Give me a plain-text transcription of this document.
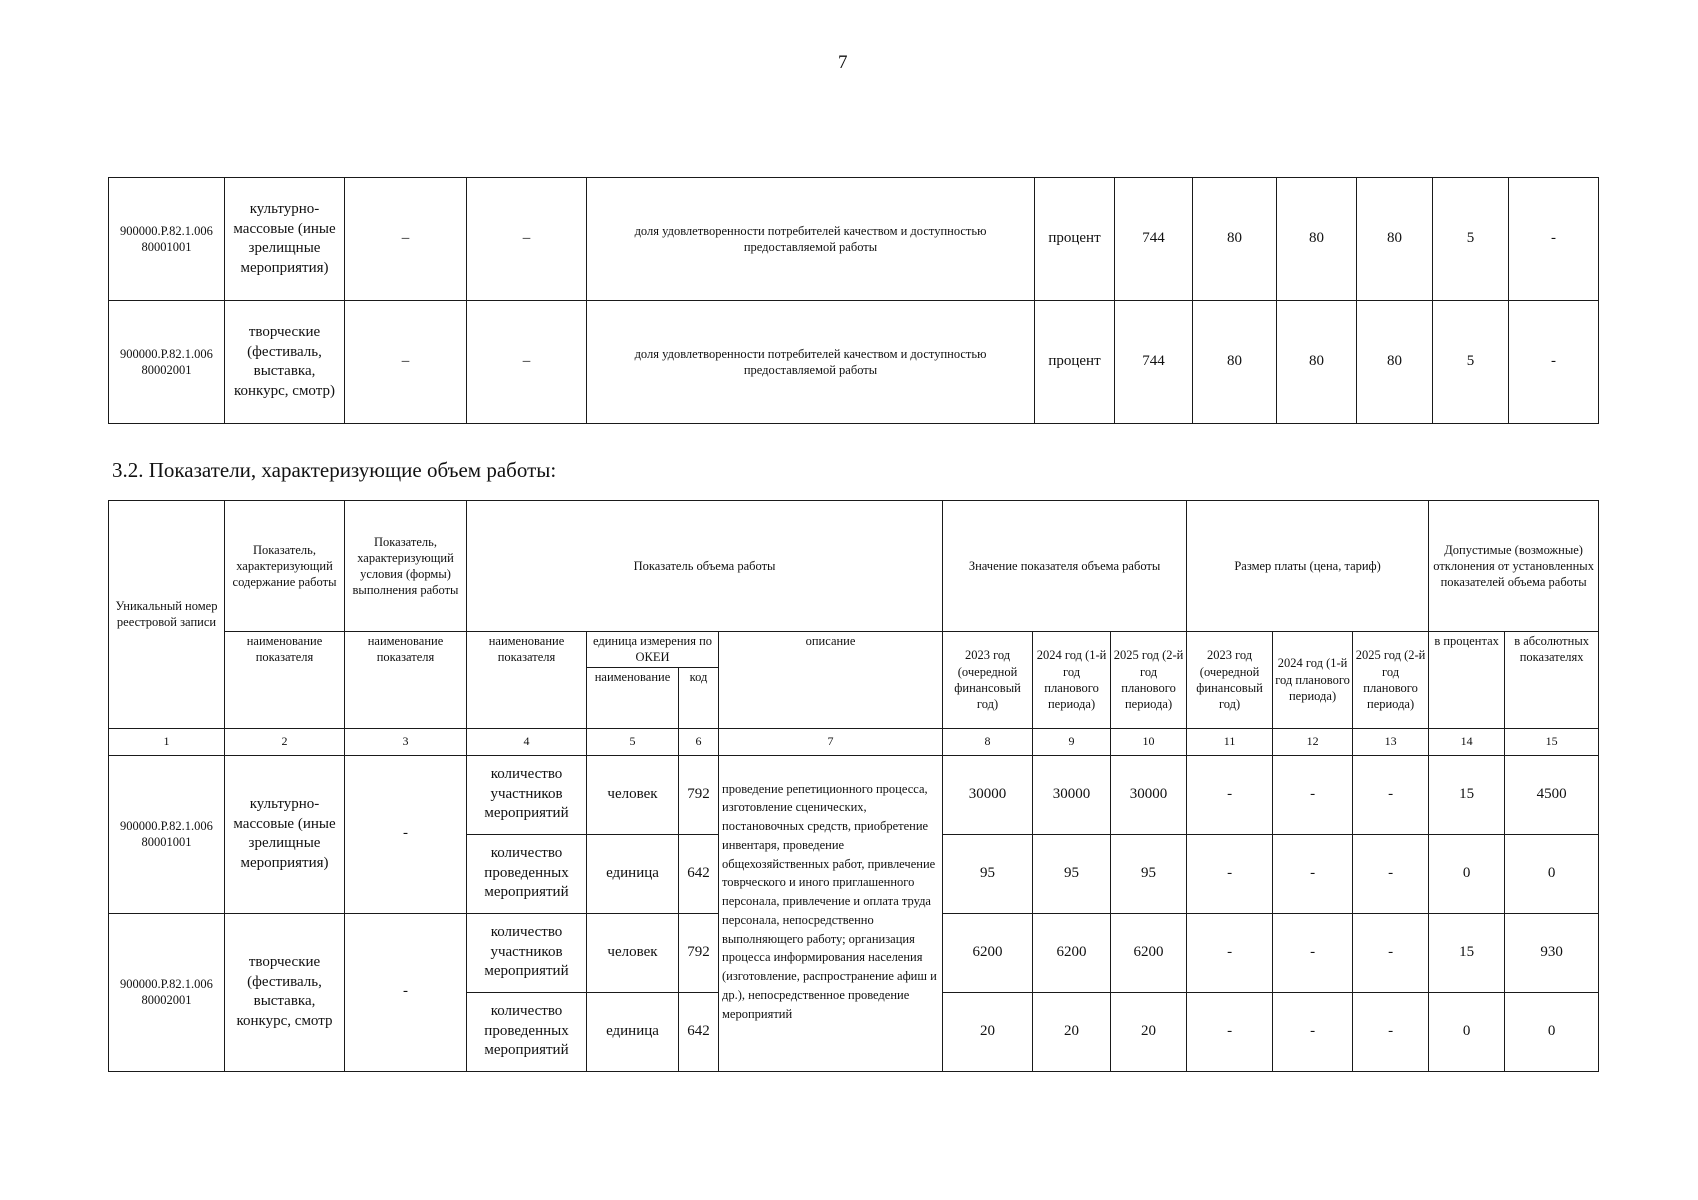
7
900000.Р.82.1.006 80001001	культурно-массовые (иные зрелищные мероприятия)	–	–	доля удовлетворенности потребителей качеством и доступностью предоставляемой работы	процент	744	80	80	80	5	-
900000.Р.82.1.006 80002001	творческие (фестиваль, выставка, конкурс, смотр)	–	–	доля удовлетворенности потребителей качеством и доступностью предоставляемой работы	процент	744	80	80	80	5	-
3.2. Показатели, характеризующие объем работы:
Уникальный номер реестровой записи	Показатель, характеризующий содержание работы	Показатель, характеризующий условия (формы) выполнения работы	Показатель объема работы				Значение показателя объема работы			Размер платы (цена, тариф)			Допустимые (возможные) отклонения от установленных показателей объема работы	
	наименование показателя	наименование показателя	наименование показателя	единица измерения по ОКЕИ		описание	2023 год (очередной финансовый год)	2024 год (1-й год планового периода)	2025 год (2-й год планового периода)	2023 год (очередной финансовый год)	2024 год (1-й год планового периода)	2025 год (2-й год планового периода)	в процентах	в абсолютных показателях
				наименование	код									
1	2	3	4	5	6	7	8	9	10	11	12	13	14	15
900000.Р.82.1.006 80001001	культурно-массовые (иные зрелищные мероприятия)	-	количество участников мероприятий	человек	792	проведение репетиционного процесса, изготовление сценических, постановочных средств, приобретение инвентаря, проведение общехозяйственных работ, привлечение товрческого и иного приглашенного персонала, привлечение и оплата труда персонала, непосредственно выполняющего работу; организация процесса информирования населения (изготовление, распространение афиш и др.), непосредственное проведение мероприятий	30000	30000	30000	-	-	-	15	4500
			количество проведенных мероприятий	единица	642		95	95	95	-	-	-	0	0
900000.Р.82.1.006 80002001	творческие (фестиваль, выставка, конкурс, смотр	-	количество участников мероприятий	человек	792		6200	6200	6200	-	-	-	15	930
			количество проведенных мероприятий	единица	642		20	20	20	-	-	-	0	0
